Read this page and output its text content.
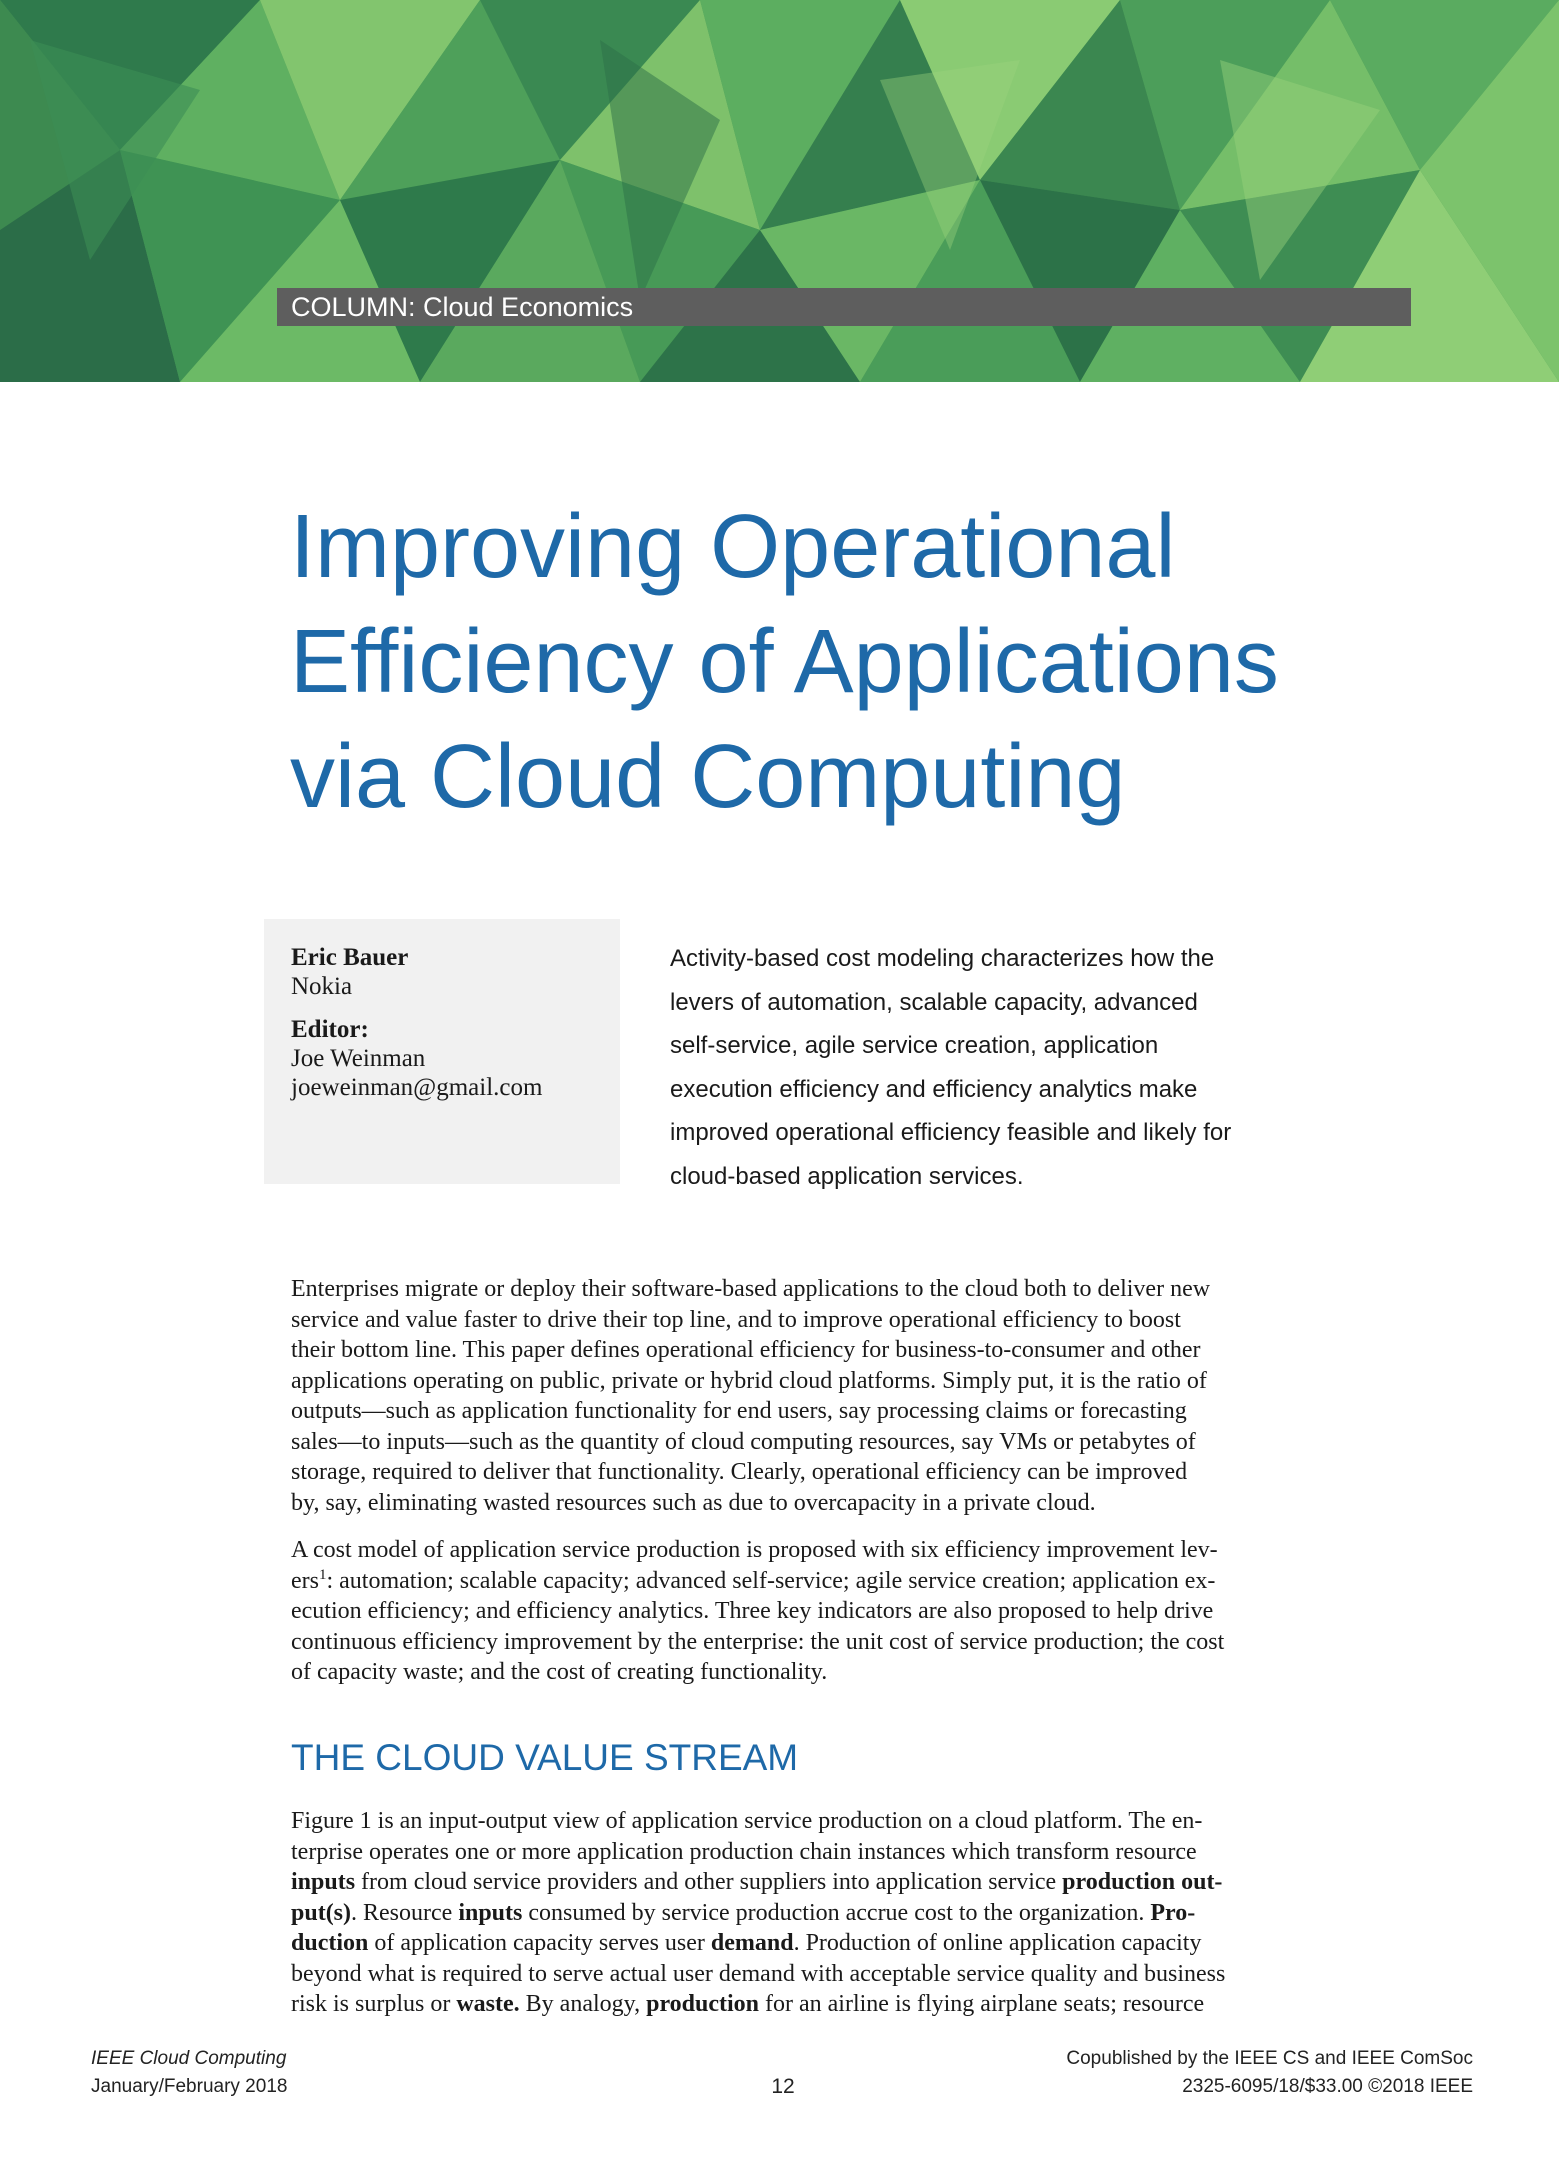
COLUMN: Cloud Economics
Improving Operational
Efficiency of Applications
via Cloud Computing
Eric Bauer
Nokia
Editor:
Joe Weinman
joeweinman@gmail.com
Activity-based cost modeling characterizes how the
levers of automation, scalable capacity, advanced
self-service, agile service creation, application
execution efficiency and efficiency analytics make
improved operational efficiency feasible and likely for
cloud-based application services.
Enterprises migrate or deploy their software-based applications to the cloud both to deliver new
service and value faster to drive their top line, and to improve operational efficiency to boost
their bottom line. This paper defines operational efficiency for business-to-consumer and other
applications operating on public, private or hybrid cloud platforms. Simply put, it is the ratio of
outputs—such as application functionality for end users, say processing claims or forecasting
sales—to inputs—such as the quantity of cloud computing resources, say VMs or petabytes of
storage, required to deliver that functionality. Clearly, operational efficiency can be improved
by, say, eliminating wasted resources such as due to overcapacity in a private cloud.
A cost model of application service production is proposed with six efficiency improvement lev-
ers$^1$: automation; scalable capacity; advanced self-service; agile service creation; application ex-
ecution efficiency; and efficiency analytics. Three key indicators are also proposed to help drive
continuous efficiency improvement by the enterprise: the unit cost of service production; the cost
of capacity waste; and the cost of creating functionality.
THE CLOUD VALUE STREAM
Figure 1 is an input-output view of application service production on a cloud platform. The en-
terprise operates one or more application production chain instances which transform resource
inputs from cloud service providers and other suppliers into application service production out-
put(s). Resource inputs consumed by service production accrue cost to the organization. Pro-
duction of application capacity serves user demand. Production of online application capacity
beyond what is required to serve actual user demand with acceptable service quality and business
risk is surplus or waste. By analogy, production for an airline is flying airplane seats; resource
IEEE Cloud Computing
January/February 2018	12
Copublished by the IEEE CS and IEEE ComSoc
2325-6095/18/$33.00 ©2018 IEEE
